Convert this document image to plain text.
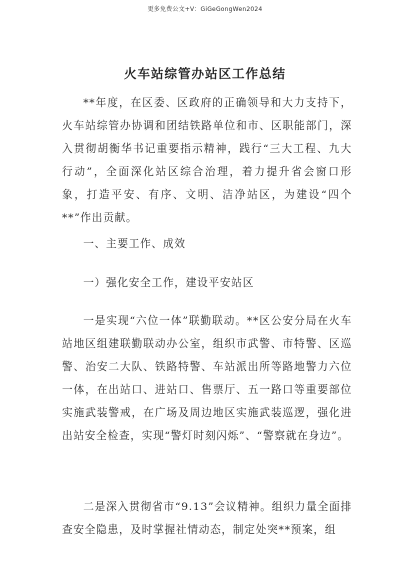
更多免费公文+V：GiGeGongWen2024
火车站综管办站区工作总结

**年度，在区委、区政府的正确领导和大力支持下，火车站综管办协调和团结铁路单位和市、区职能部门，深入贯彻胡衡华书记重要指示精神，践行“三大工程、九大行动”，全面深化站区综合治理，着力提升省会窗口形象，打造平安、有序、文明、洁净站区，为建设“四个**”作出贡献。

一、主要工作、成效

一）强化安全工作，建设平安站区

一是实现“六位一体”联勤联动。**区公安分局在火车站地区组建联勤联动办公室，组织市武警、市特警、区巡警、治安二大队、铁路特警、车站派出所等路地警力六位一体，在出站口、进站口、售票厅、五一路口等重要部位实施武装警戒，在广场及周边地区实施武装巡逻，强化进出站安全检查，实现“警灯时刻闪烁”、“警察就在身边”。

二是深入贯彻省市“9.13”会议精神。组织力量全面排查安全隐患，及时掌握社情动态，制定处突**预案，组
